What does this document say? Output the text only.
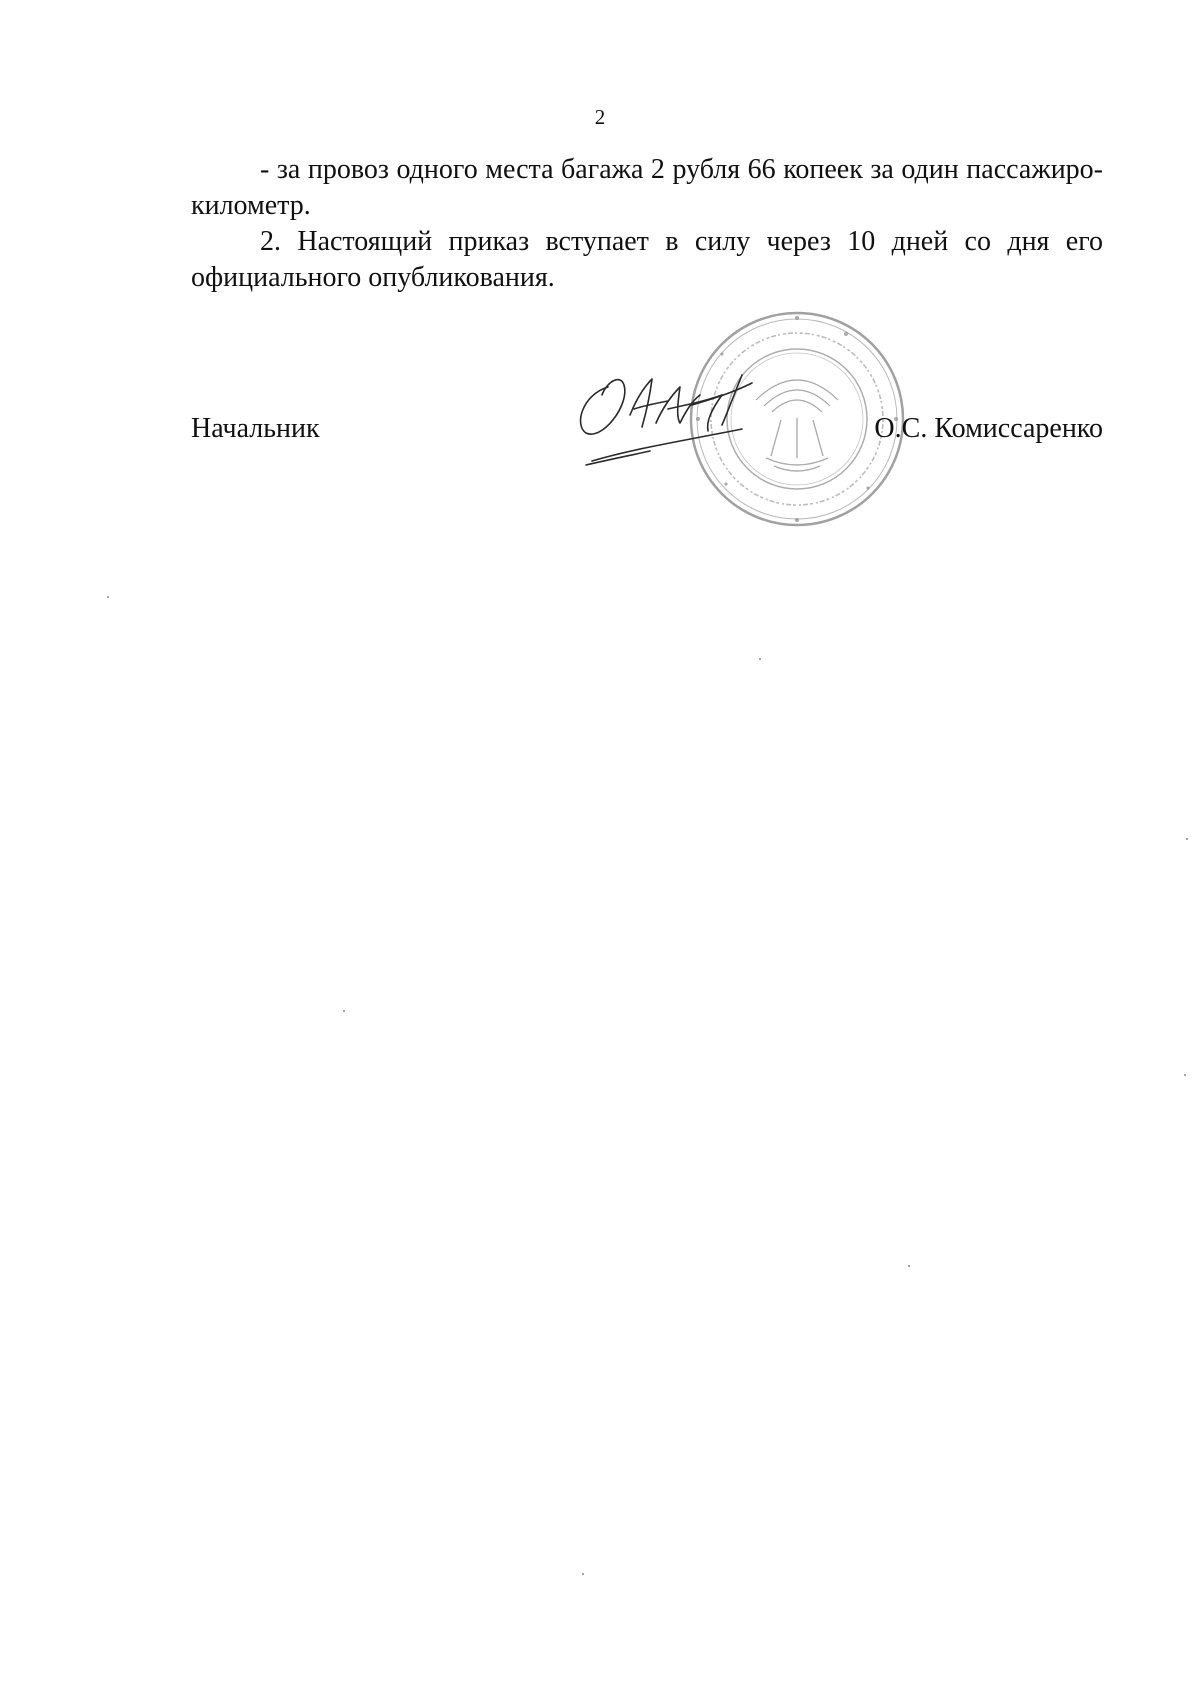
2

- за провоз одного места багажа 2 рубля 66 копеек за один пассажиро-километр.

2. Настоящий приказ вступает в силу через 10 дней со дня его официального опубликования.

Начальник	О.С. Комиссаренко
